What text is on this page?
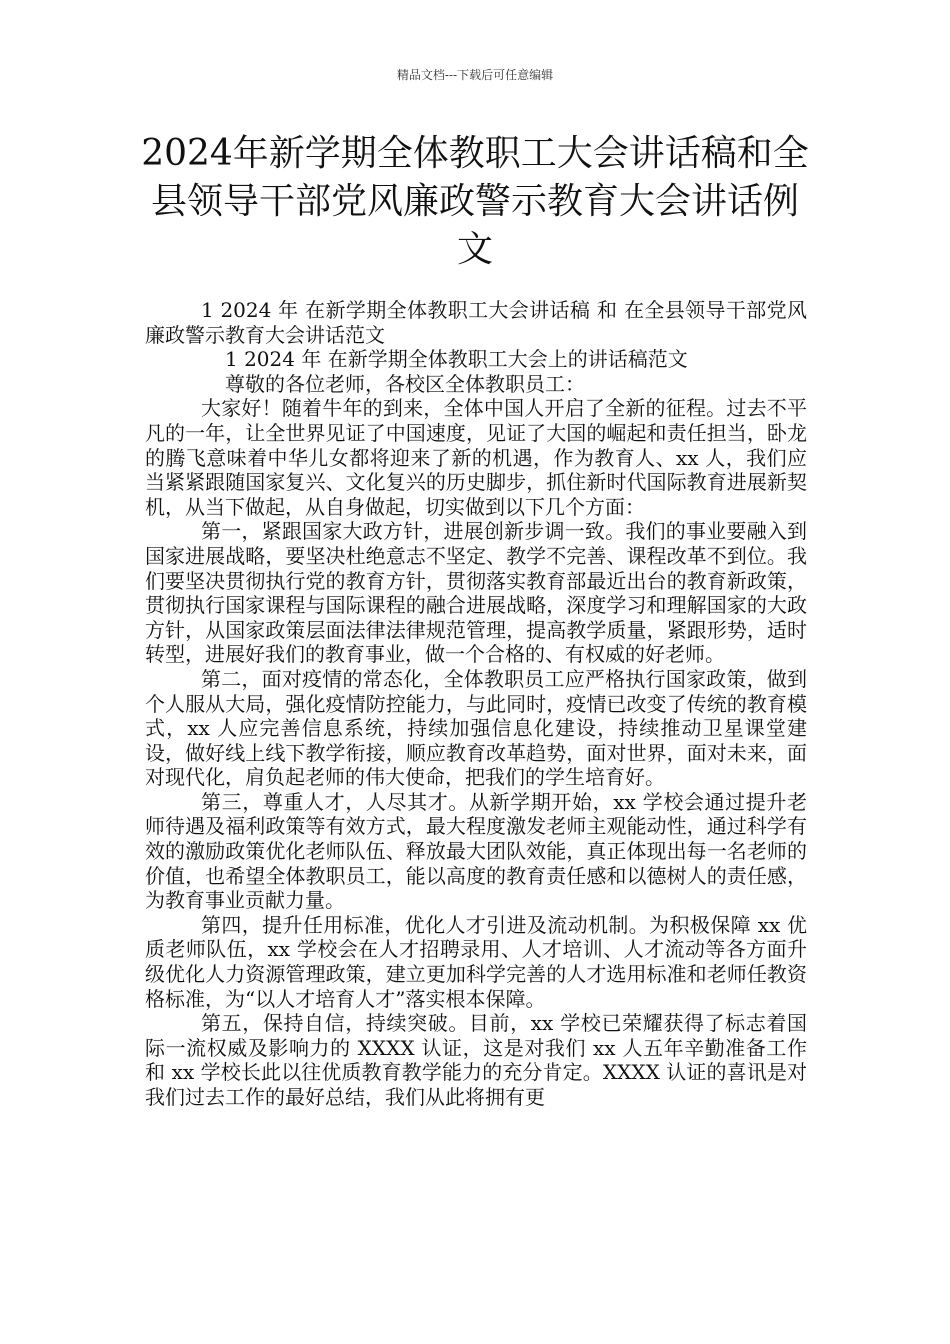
精品文档---下载后可任意编辑
2024年新学期全体教职工大会讲话稿和全县领导干部党风廉政警示教育大会讲话例文

1 2024 年 在新学期全体教职工大会讲话稿 和 在全县领导干部党风廉政警示教育大会讲话范文

1 2024 年 在新学期全体教职工大会上的讲话稿范文

尊敬的各位老师，各校区全体教职员工：

大家好！随着牛年的到来，全体中国人开启了全新的征程。过去不平凡的一年，让全世界见证了中国速度，见证了大国的崛起和责任担当，卧龙的腾飞意味着中华儿女都将迎来了新的机遇，作为教育人、xx 人，我们应当紧紧跟随国家复兴、文化复兴的历史脚步，抓住新时代国际教育进展新契机，从当下做起，从自身做起，切实做到以下几个方面：

第一，紧跟国家大政方针，进展创新步调一致。我们的事业要融入到国家进展战略，要坚决杜绝意志不坚定、教学不完善、课程改革不到位。我们要坚决贯彻执行党的教育方针，贯彻落实教育部最近出台的教育新政策，贯彻执行国家课程与国际课程的融合进展战略，深度学习和理解国家的大政方针，从国家政策层面法律法律规范管理，提高教学质量，紧跟形势，适时转型，进展好我们的教育事业，做一个合格的、有权威的好老师。

第二，面对疫情的常态化，全体教职员工应严格执行国家政策，做到个人服从大局，强化疫情防控能力，与此同时，疫情已改变了传统的教育模式，xx 人应完善信息系统，持续加强信息化建设，持续推动卫星课堂建设，做好线上线下教学衔接，顺应教育改革趋势，面对世界，面对未来，面对现代化，肩负起老师的伟大使命，把我们的学生培育好。

第三，尊重人才，人尽其才。从新学期开始，xx 学校会通过提升老师待遇及福利政策等有效方式，最大程度激发老师主观能动性，通过科学有效的激励政策优化老师队伍、释放最大团队效能，真正体现出每一名老师的价值，也希望全体教职员工，能以高度的教育责任感和以德树人的责任感，为教育事业贡献力量。

第四，提升任用标准，优化人才引进及流动机制。为积极保障 xx 优质老师队伍，xx 学校会在人才招聘录用、人才培训、人才流动等各方面升级优化人力资源管理政策，建立更加科学完善的人才选用标准和老师任教资格标准，为“以人才培育人才”落实根本保障。

第五，保持自信，持续突破。目前，xx 学校已荣耀获得了标志着国际一流权威及影响力的 XXXX 认证，这是对我们 xx 人五年辛勤准备工作和 xx 学校长此以往优质教育教学能力的充分肯定。XXXX 认证的喜讯是对我们过去工作的最好总结，我们从此将拥有更
